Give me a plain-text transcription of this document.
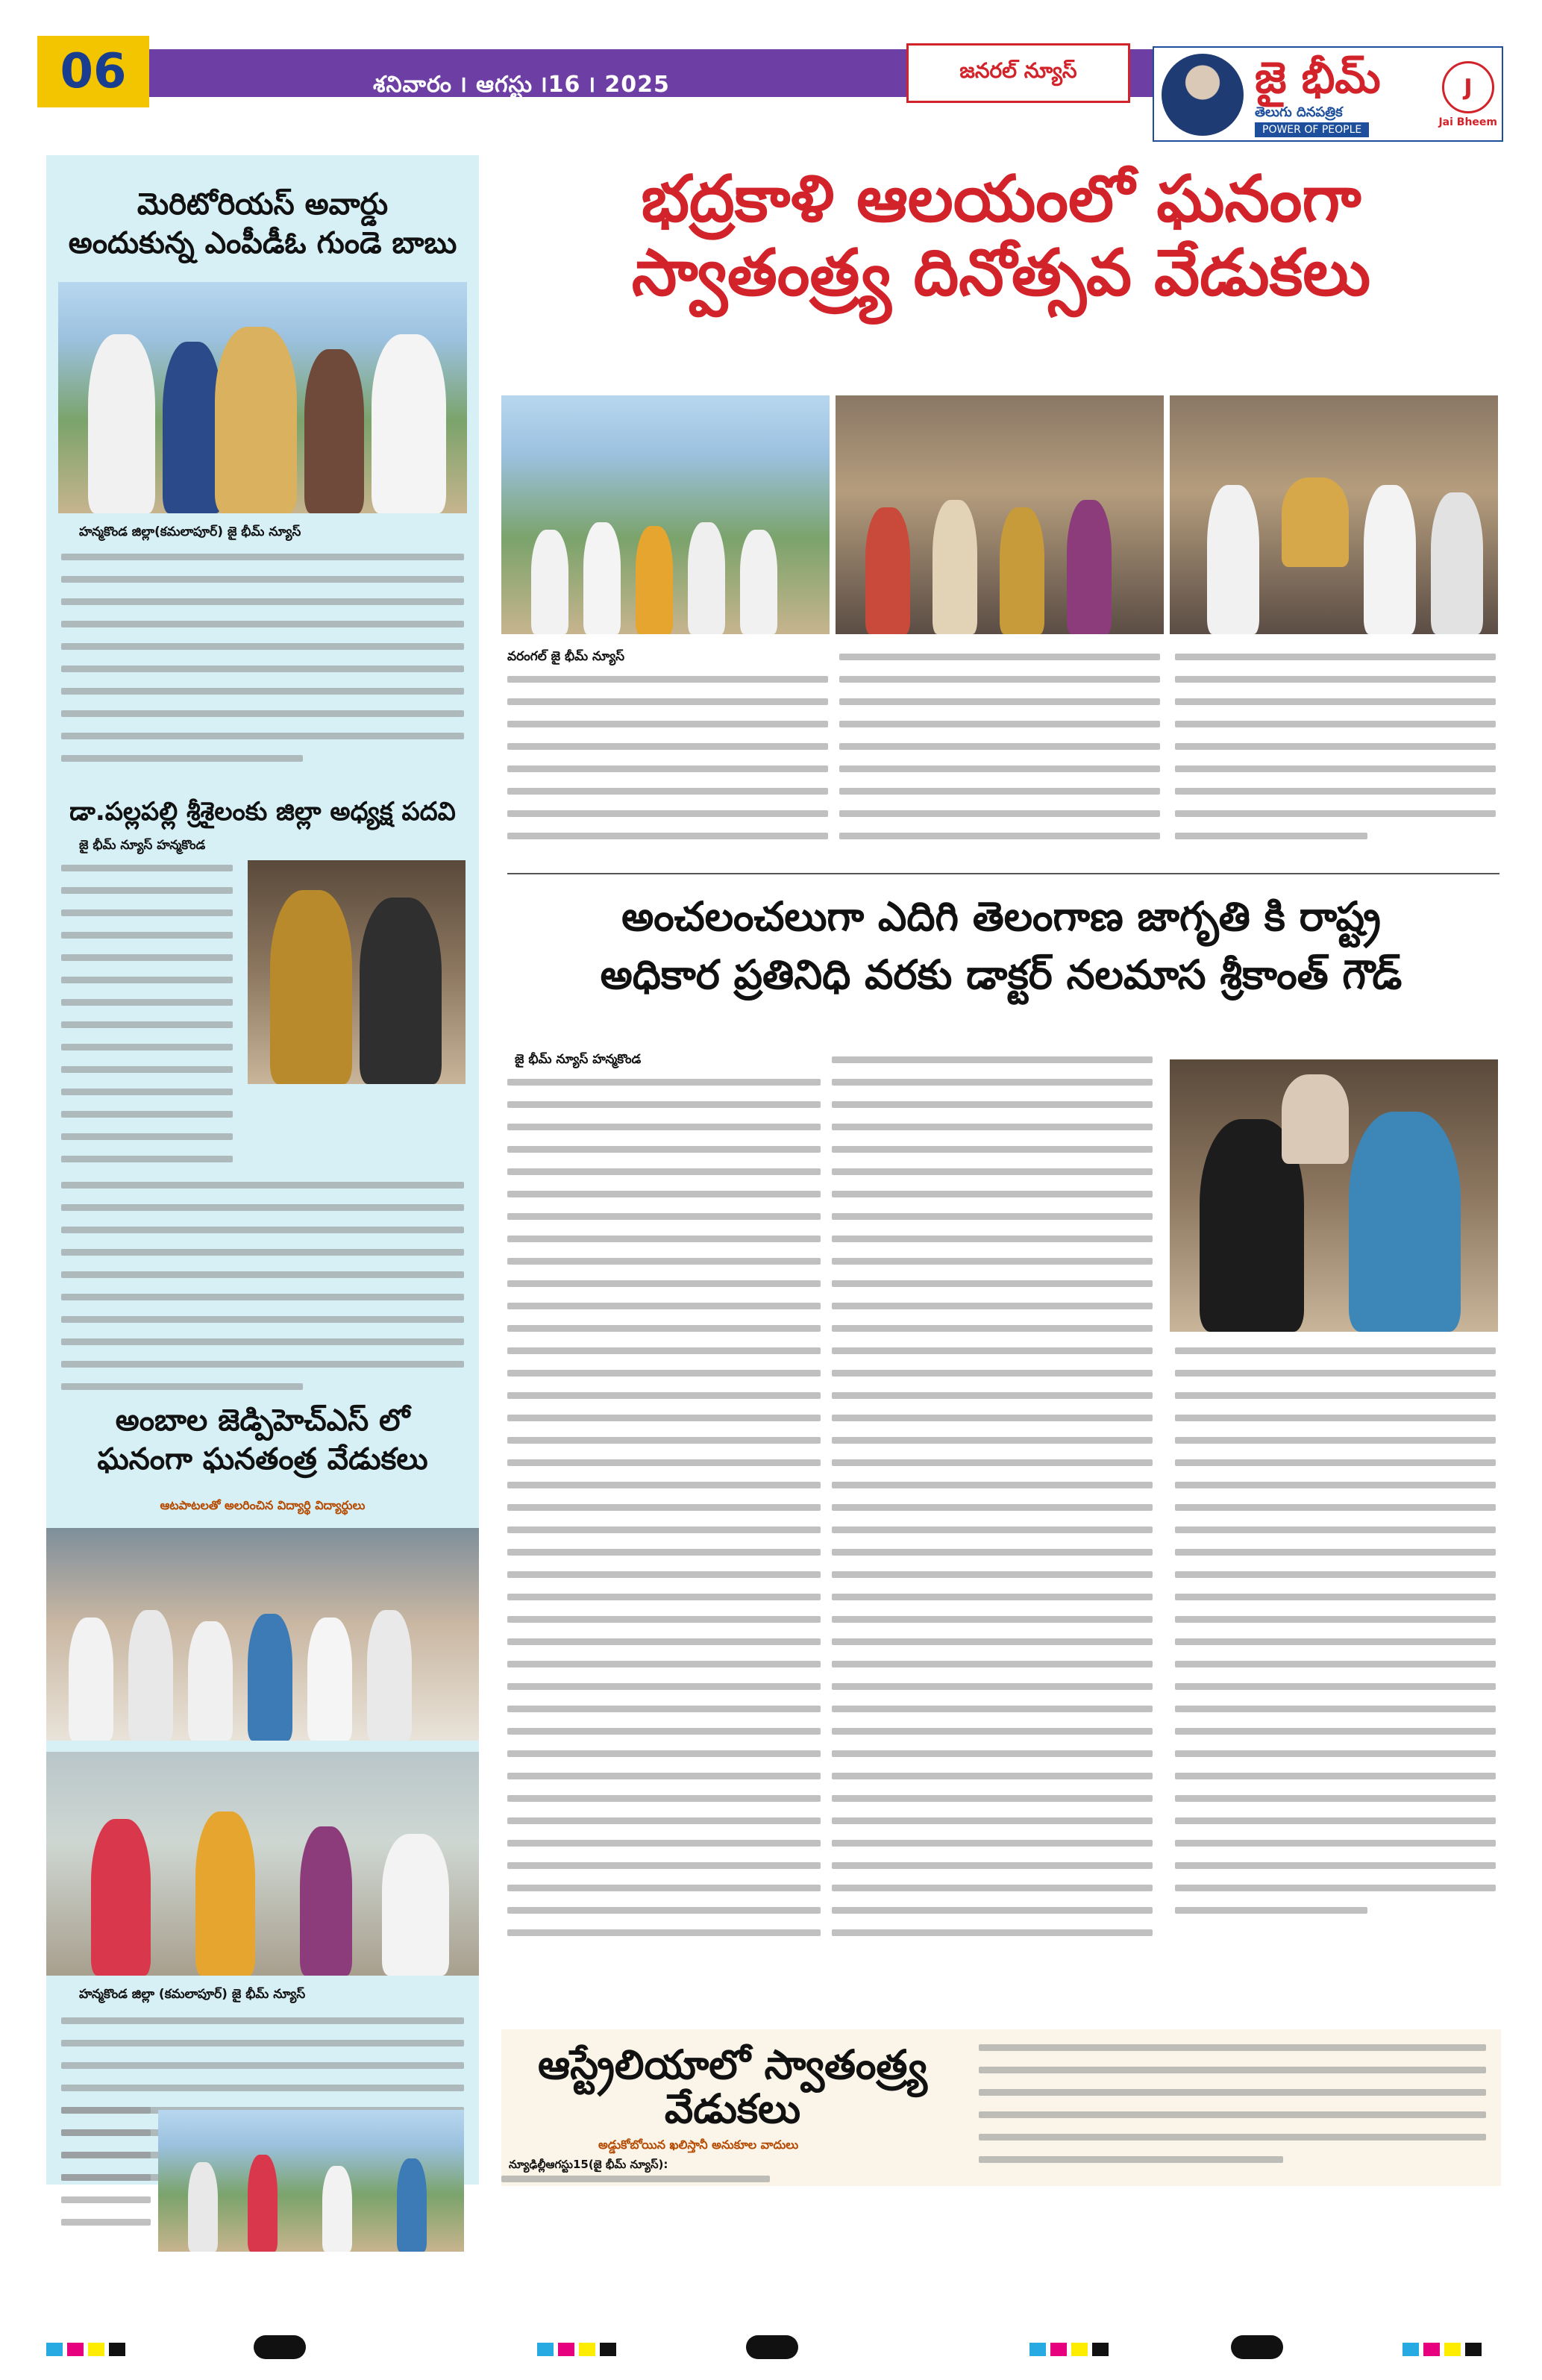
06	శనివారం ౹ ఆగస్టు ౹16 ౹ 2025
జనరల్ న్యూస్	జై భీమ్
తెలుగు దినపత్రిక
POWER OF PEOPLE
J
Jai Bheem
మెరిటోరియస్ అవార్డు
అందుకున్న ఎంపీడీఓ గుండె బాబు
హన్మకొండ జిల్లా(కమలాపూర్) జై భీమ్ న్యూస్
డా.పల్లపల్లి శ్రీశైలంకు జిల్లా అధ్యక్ష పదవి
జై భీమ్ న్యూస్ హన్మకొండ
అంబాల జెడ్పిహెచ్ఎస్ లో
ఘనంగా ఘనతంత్ర వేడుకలు
ఆటపాటలతో అలరించిన విద్యార్థి విద్యార్థులు
హన్మకొండ జిల్లా (కమలాపూర్) జై భీమ్ న్యూస్
భద్రకాళి ఆలయంలో ఘనంగా
స్వాతంత్ర్య దినోత్సవ వేడుకలు
వరంగల్ జై భీమ్ న్యూస్
అంచలంచలుగా ఎదిగి తెలంగాణ జాగృతి కి రాష్ట్ర
అధికార ప్రతినిధి వరకు డాక్టర్ నలమాస శ్రీకాంత్ గౌడ్
జై భీమ్ న్యూస్ హన్మకొండ
ఆస్ట్రేలియాలో స్వాతంత్ర్య
వేడుకలు
అడ్డుకోబోయిన ఖలిస్తానీ అనుకూల వాదులు
న్యూఢిల్లీఆగస్టు15(జై భీమ్ న్యూస్):
